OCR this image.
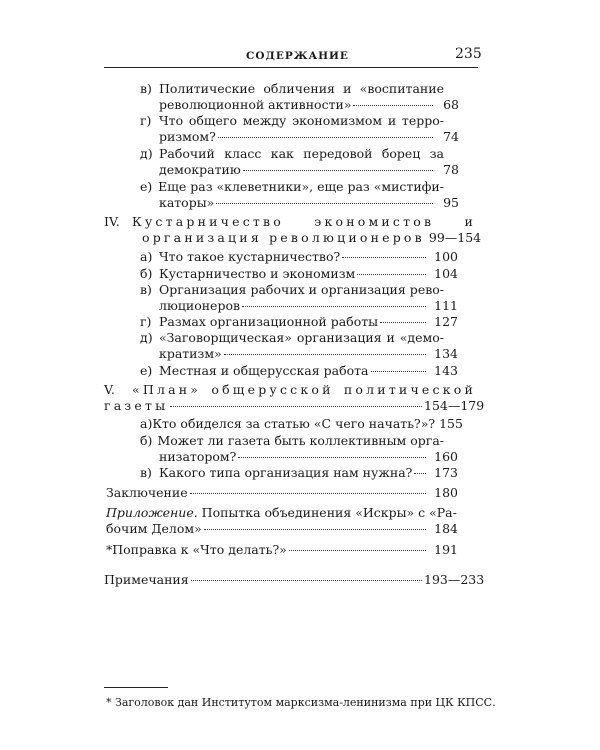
СОДЕРЖАНИЕ	235
в) Политические обличения и «воспитание
революционной активности»	68
г) Что общего между экономизмом и терро-
ризмом?	74
д) Рабочий класс как передовой борец за
демократию	78
е) Еще раз «клеветники», еще раз «мистифи-
каторы»	95
IV. Кустарничество экономистов и
организация революционеров 99—154
а) Что такое кустарничество?	100
б) Кустарничество и экономизм	104
в) Организация рабочих и организация рево-
люционеров	111
г) Размах организационной работы	127
д) «Заговорщическая» организация и «демо-
кратизм»	134
е) Местная и общерусская работа	143
V.	«План» общерусской политической
газеты	154—179
а) Кто обиделся за статью «С чего начать?»? 155
б) Может ли газета быть коллективным орга-
низатором?	160
в) Какого типа организация нам нужна?	173
Заключение	180
Приложение. Попытка объединения «Искры» с «Ра-
бочим Делом»	184
*Поправка к «Что делать?»	191
Примечания	193—233
* Заголовок дан Институтом марксизма-ленинизма при ЦК КПСС.
